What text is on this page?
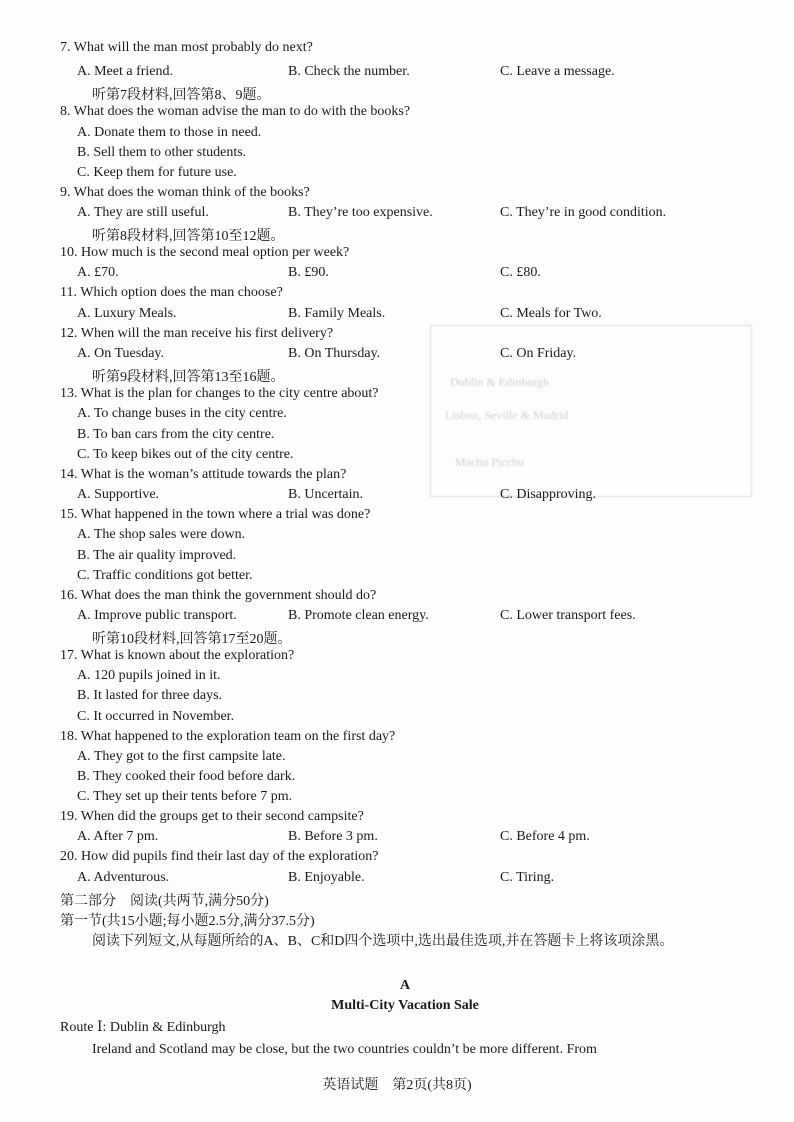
Dublin & Edinburgh
Lisbon, Seville & Madrid
Machu Picchu
7. What will the man most probably do next?
A. Meet a friend.	B. Check the number.	C. Leave a message.
听第7段材料,回答第8、9题。
8. What does the woman advise the man to do with the books?
A. Donate them to those in need.
B. Sell them to other students.
C. Keep them for future use.
9. What does the woman think of the books?
A. They are still useful.	B. They’re too expensive.	C. They’re in good condition.
听第8段材料,回答第10至12题。
10. How much is the second meal option per week?
A. £70.	B. £90.	C. £80.
11. Which option does the man choose?
A. Luxury Meals.	B. Family Meals.	C. Meals for Two.
12. When will the man receive his first delivery?
A. On Tuesday.	B. On Thursday.	C. On Friday.
听第9段材料,回答第13至16题。
13. What is the plan for changes to the city centre about?
A. To change buses in the city centre.
B. To ban cars from the city centre.
C. To keep bikes out of the city centre.
14. What is the woman’s attitude towards the plan?
A. Supportive.	B. Uncertain.	C. Disapproving.
15. What happened in the town where a trial was done?
A. The shop sales were down.
B. The air quality improved.
C. Traffic conditions got better.
16. What does the man think the government should do?
A. Improve public transport.	B. Promote clean energy.	C. Lower transport fees.
听第10段材料,回答第17至20题。
17. What is known about the exploration?
A. 120 pupils joined in it.
B. It lasted for three days.
C. It occurred in November.
18. What happened to the exploration team on the first day?
A. They got to the first campsite late.
B. They cooked their food before dark.
C. They set up their tents before 7 pm.
19. When did the groups get to their second campsite?
A. After 7 pm.	B. Before 3 pm.	C. Before 4 pm.
20. How did pupils find their last day of the exploration?
A. Adventurous.	B. Enjoyable.	C. Tiring.
第二部分　阅读(共两节,满分50分)
第一节(共15小题;每小题2.5分,满分37.5分)
阅读下列短文,从每题所给的A、B、C和D四个选项中,选出最佳选项,并在答题卡上将该项涂黑。
A
Multi-City Vacation Sale
Route Ⅰ: Dublin & Edinburgh
Ireland and Scotland may be close, but the two countries couldn’t be more different. From
英语试题　第2页(共8页)
